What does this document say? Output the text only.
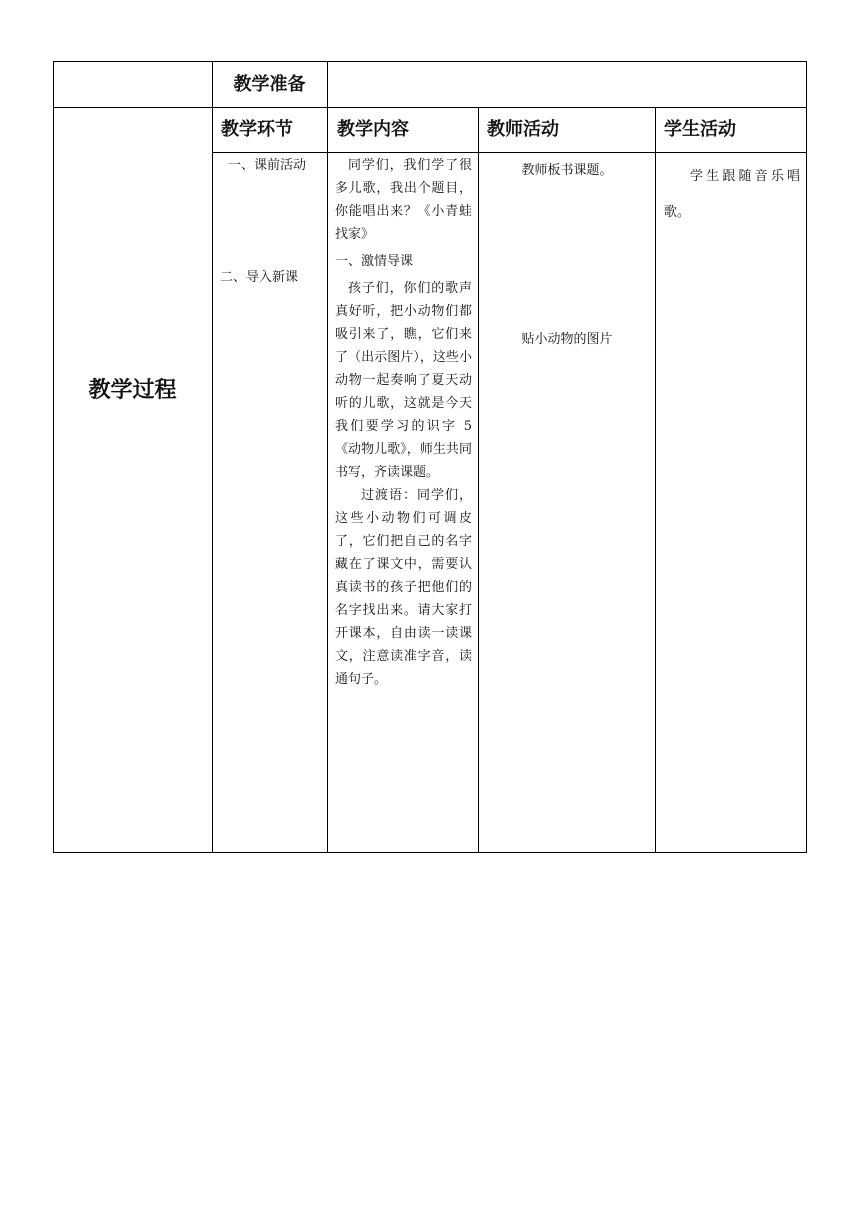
教学准备
教学过程
教学环节 教学内容	教师活动	学生活动
一、课前活动
二、导入新课

同学们，我们学了很多儿歌，我出个题目，你能唱出来？《小青蛙找家》

一、激情导课

孩子们，你们的歌声真好听，把小动物们都吸引来了，瞧，它们来了（出示图片），这些小动物一起奏响了夏天动听的儿歌，这就是今天我们要学习的识字 5《动物儿歌》，师生共同书写，齐读课题。

过渡语：同学们，这些小动物们可调皮了，它们把自己的名字藏在了课文中，需要认真读书的孩子把他们的名字找出来。请大家打开课本，自由读一读课文，注意读准字音，读通句子。

教师板书课题。
贴小动物的图片
学生跟随音乐唱歌。
